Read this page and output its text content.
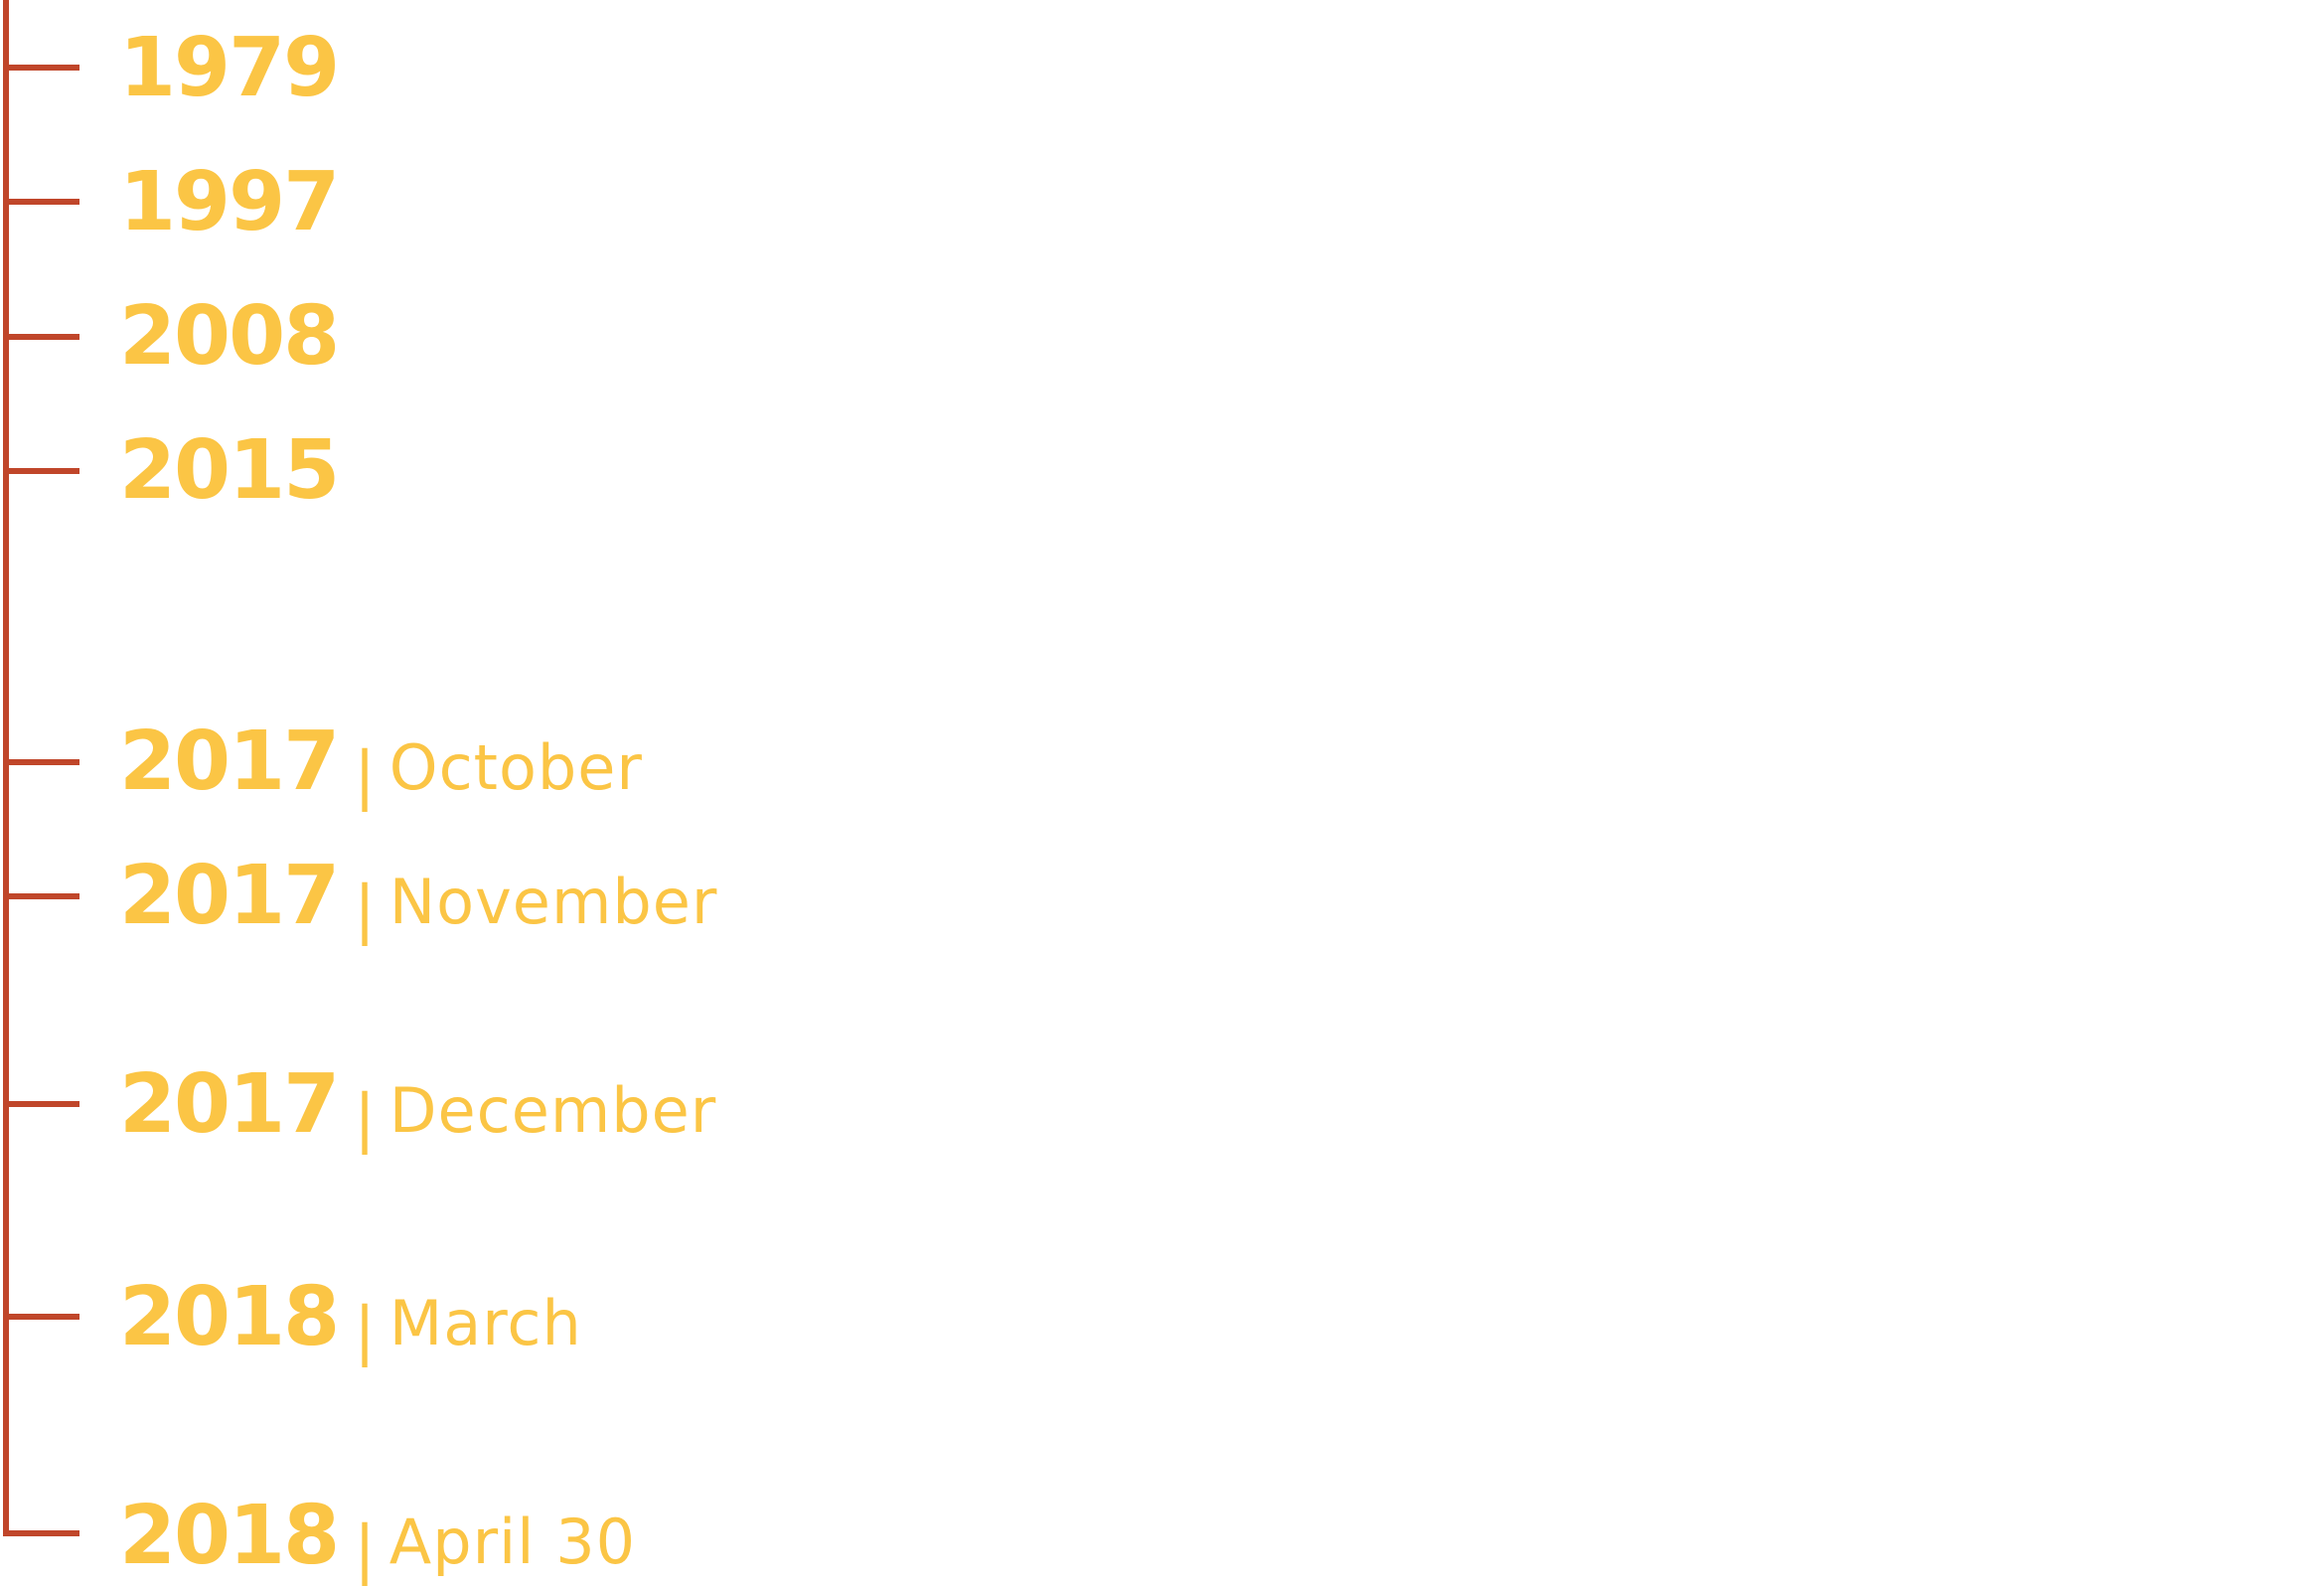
1979
1997
2008
2015
2017 | October
2017 | November
2017 | December
2018 | March
2018 | April 30
